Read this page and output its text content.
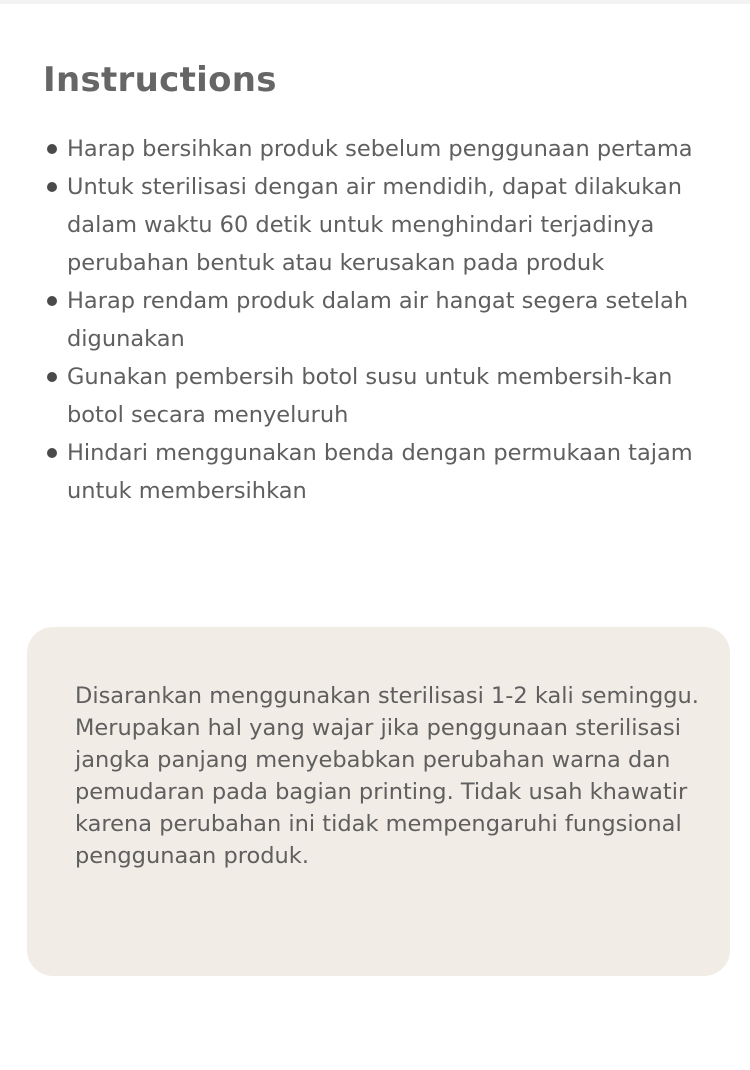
Instructions
Harap bersihkan produk sebelum penggunaan pertama
Untuk sterilisasi dengan air mendidih, dapat dilakukan dalam waktu 60 detik untuk menghindari terjadinya perubahan bentuk atau kerusakan pada produk
Harap rendam produk dalam air hangat segera setelah digunakan
Gunakan pembersih botol susu untuk membersih-kan botol secara menyeluruh
Hindari menggunakan benda dengan permukaan tajam untuk membersihkan

Disarankan menggunakan sterilisasi 1-2 kali seminggu. Merupakan hal yang wajar jika penggunaan sterilisasi jangka panjang menyebabkan perubahan warna dan pemudaran pada bagian printing. Tidak usah khawatir karena perubahan ini tidak mempengaruhi fungsional penggunaan produk.
